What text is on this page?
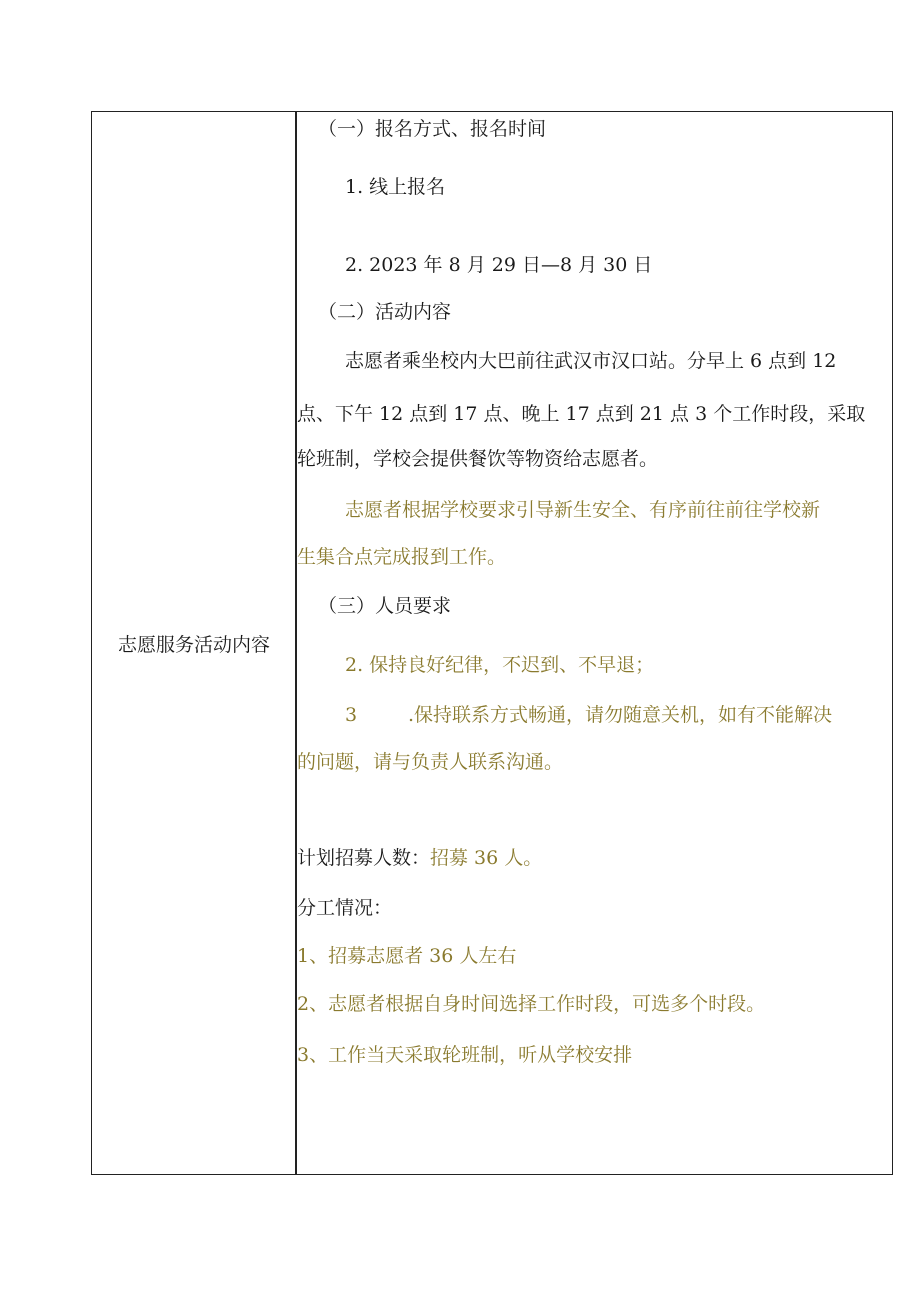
志愿服务活动内容
（一）报名方式、报名时间
1. 线上报名
2. 2023 年 8 月 29 日—8 月 30 日
（二）活动内容
志愿者乘坐校内大巴前往武汉市汉口站。分早上 6 点到 12
点、下午 12 点到 17 点、晚上 17 点到 21 点 3 个工作时段，采取
轮班制，学校会提供餐饮等物资给志愿者。
志愿者根据学校要求引导新生安全、有序前往前往学校新
生集合点完成报到工作。
（三）人员要求
2. 保持良好纪律，不迟到、不早退；
3	.保持联系方式畅通，请勿随意关机，如有不能解决
的问题，请与负责人联系沟通。
计划招募人数：招募 36 人。
分工情况：
1、招募志愿者 36 人左右
2、志愿者根据自身时间选择工作时段，可选多个时段。
3、工作当天采取轮班制，听从学校安排
